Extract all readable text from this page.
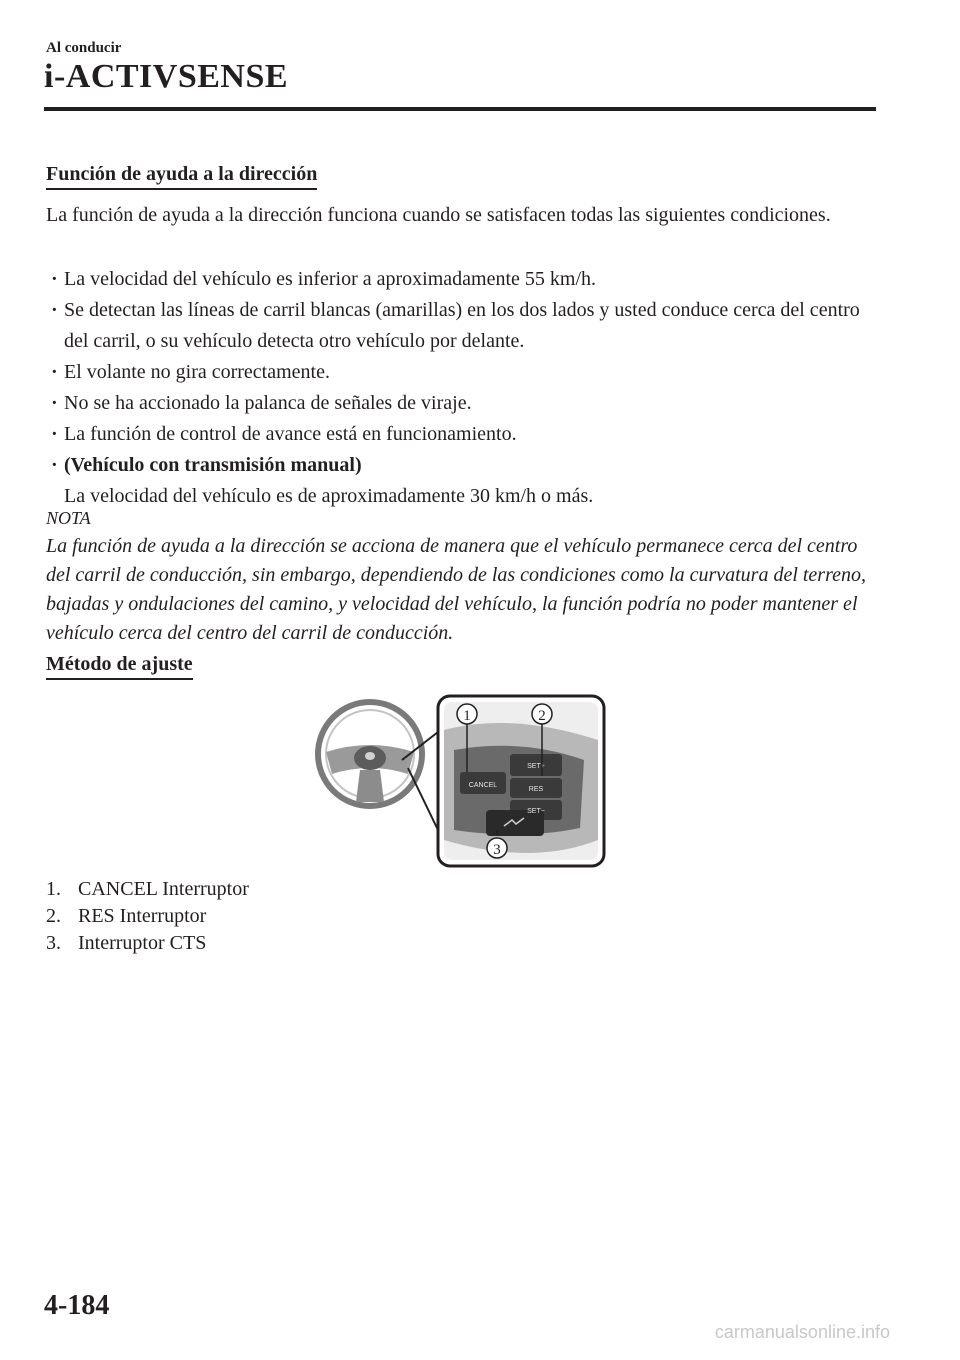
Al conducir
i-ACTIVSENSE
Función de ayuda a la dirección
La función de ayuda a la dirección funciona cuando se satisfacen todas las siguientes condiciones.
· La velocidad del vehículo es inferior a aproximadamente 55 km/h.
· Se detectan las líneas de carril blancas (amarillas) en los dos lados y usted conduce cerca del centro del carril, o su vehículo detecta otro vehículo por delante.
· El volante no gira correctamente.
· No se ha accionado la palanca de señales de viraje.
· La función de control de avance está en funcionamiento.
· (Vehículo con transmisión manual)
La velocidad del vehículo es de aproximadamente 30 km/h o más.
NOTA
La función de ayuda a la dirección se acciona de manera que el vehículo permanece cerca del centro del carril de conducción, sin embargo, dependiendo de las condiciones como la curvatura del terreno, bajadas y ondulaciones del camino, y velocidad del vehículo, la función podría no poder mantener el vehículo cerca del centro del carril de conducción.
Método de ajuste
CANCEL
SET+
RES
SET−
1	2
3
1. CANCEL Interruptor
2. RES Interruptor
3. Interruptor CTS
4-184
carmanualsonline.info
